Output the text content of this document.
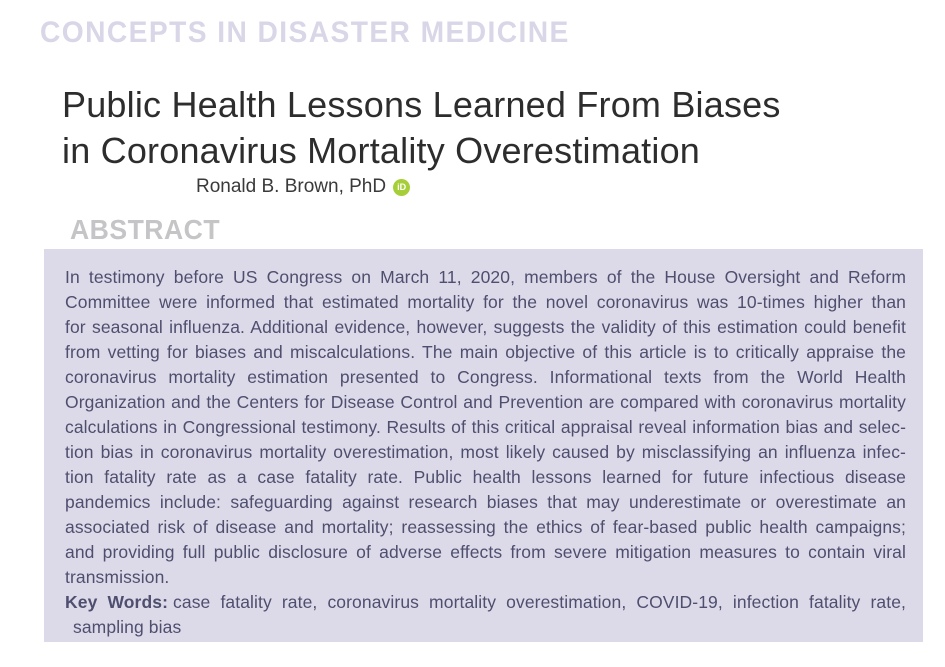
CONCEPTS IN DISASTER MEDICINE
Public Health Lessons Learned From Biases
in Coronavirus Mortality Overestimation
Ronald B. Brown, PhD	iD
ABSTRACT
In testimony before US Congress on March 11, 2020, members of the House Oversight and Reform
Committee were informed that estimated mortality for the novel coronavirus was 10-times higher than
for seasonal influenza. Additional evidence, however, suggests the validity of this estimation could benefit
from vetting for biases and miscalculations. The main objective of this article is to critically appraise the
coronavirus mortality estimation presented to Congress. Informational texts from the World Health
Organization and the Centers for Disease Control and Prevention are compared with coronavirus mortality
calculations in Congressional testimony. Results of this critical appraisal reveal information bias and selec-
tion bias in coronavirus mortality overestimation, most likely caused by misclassifying an influenza infec-
tion fatality rate as a case fatality rate. Public health lessons learned for future infectious disease
pandemics include: safeguarding against research biases that may underestimate or overestimate an
associated risk of disease and mortality; reassessing the ethics of fear-based public health campaigns;
and providing full public disclosure of adverse effects from severe mitigation measures to contain viral
transmission.
Key Words: case fatality rate, coronavirus mortality overestimation, COVID-19, infection fatality rate,
sampling bias
